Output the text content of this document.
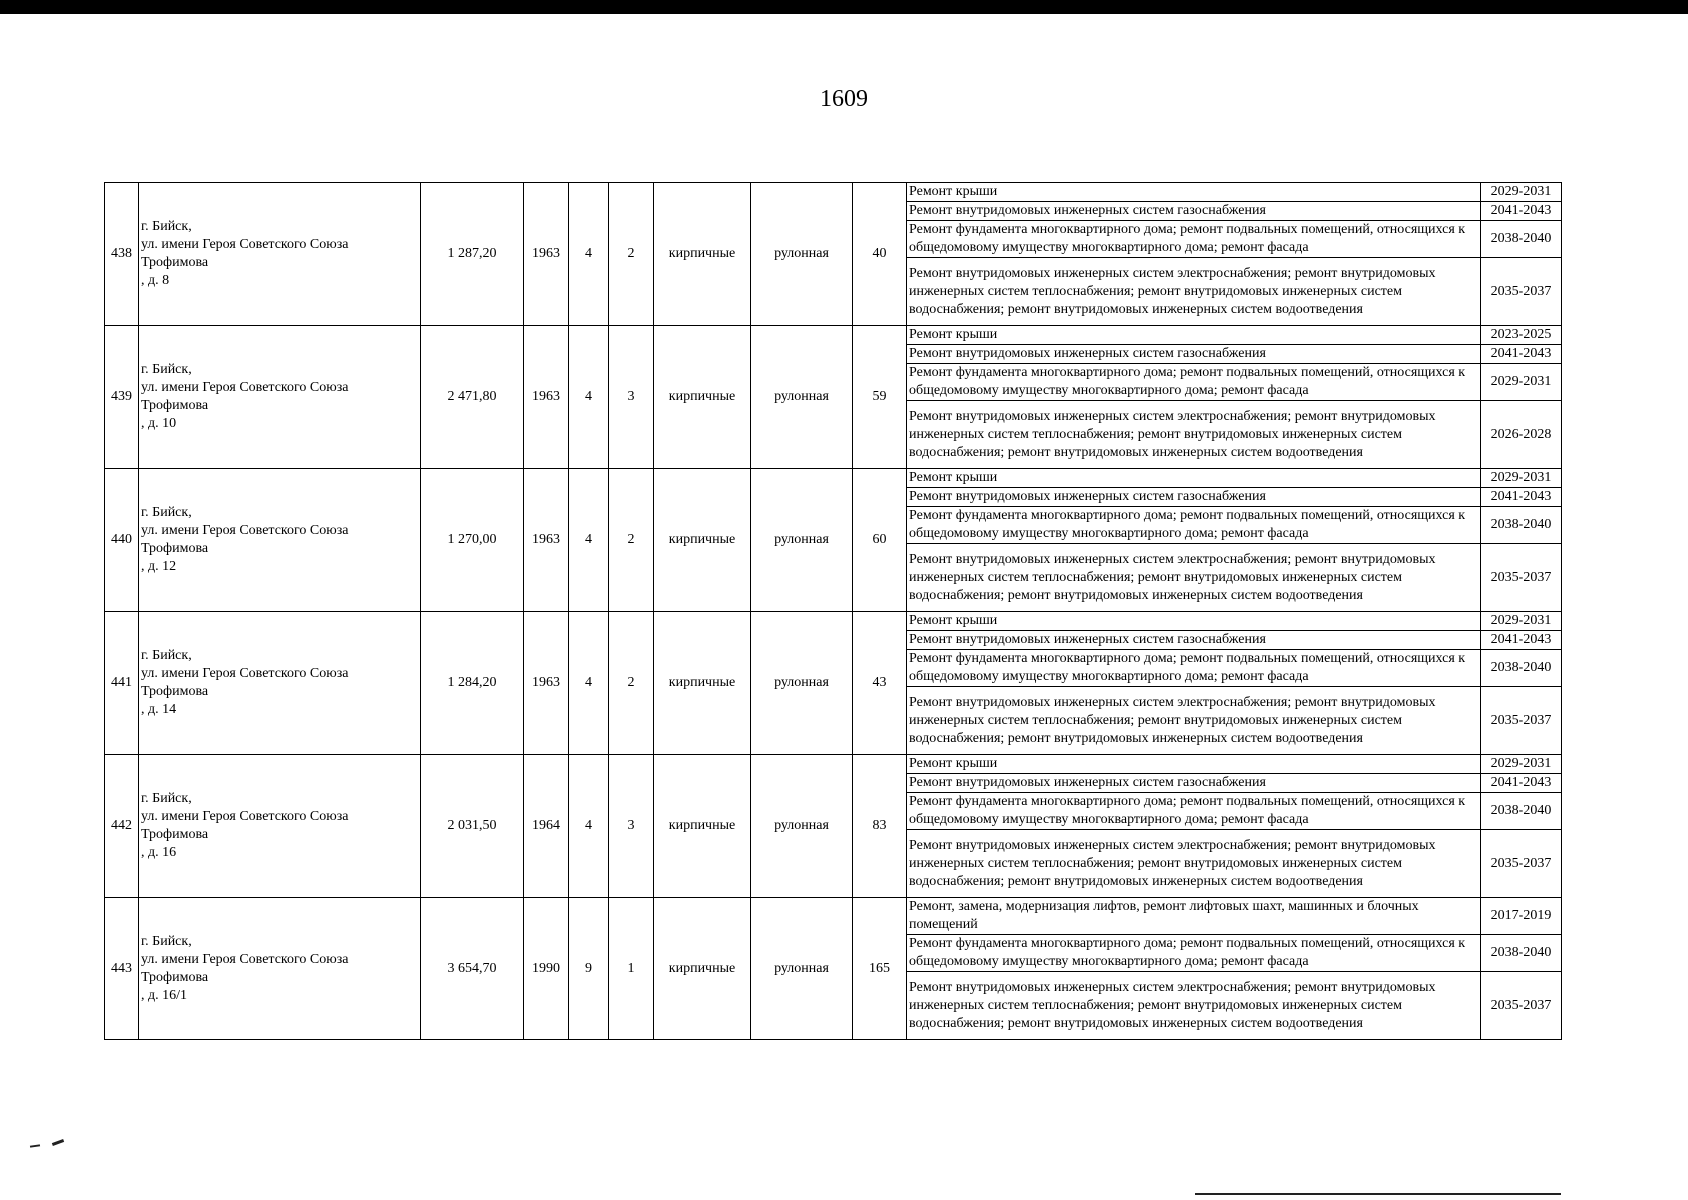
1609
438	г. Бийск,
ул. имени Героя Советского Союза Трофимова
, д. 8	1 287,20	1963	4	2	кирпичные	рулонная	40	Ремонт крыши	2029-2031
									Ремонт внутридомовых инженерных систем газоснабжения	2041-2043
									Ремонт фундамента многоквартирного дома; ремонт подвальных помещений, относящихся к общедомовому имуществу многоквартирного дома; ремонт фасада	2038-2040
									Ремонт внутридомовых инженерных систем электроснабжения; ремонт внутридомовых инженерных систем теплоснабжения; ремонт внутридомовых инженерных систем водоснабжения; ремонт внутридомовых инженерных систем водоотведения	2035-2037
439	г. Бийск,
ул. имени Героя Советского Союза Трофимова
, д. 10	2 471,80	1963	4	3	кирпичные	рулонная	59	Ремонт крыши	2023-2025
									Ремонт внутридомовых инженерных систем газоснабжения	2041-2043
									Ремонт фундамента многоквартирного дома; ремонт подвальных помещений, относящихся к общедомовому имуществу многоквартирного дома; ремонт фасада	2029-2031
									Ремонт внутридомовых инженерных систем электроснабжения; ремонт внутридомовых инженерных систем теплоснабжения; ремонт внутридомовых инженерных систем водоснабжения; ремонт внутридомовых инженерных систем водоотведения	2026-2028
440	г. Бийск,
ул. имени Героя Советского Союза Трофимова
, д. 12	1 270,00	1963	4	2	кирпичные	рулонная	60	Ремонт крыши	2029-2031
									Ремонт внутридомовых инженерных систем газоснабжения	2041-2043
									Ремонт фундамента многоквартирного дома; ремонт подвальных помещений, относящихся к общедомовому имуществу многоквартирного дома; ремонт фасада	2038-2040
									Ремонт внутридомовых инженерных систем электроснабжения; ремонт внутридомовых инженерных систем теплоснабжения; ремонт внутридомовых инженерных систем водоснабжения; ремонт внутридомовых инженерных систем водоотведения	2035-2037
441	г. Бийск,
ул. имени Героя Советского Союза Трофимова
, д. 14	1 284,20	1963	4	2	кирпичные	рулонная	43	Ремонт крыши	2029-2031
									Ремонт внутридомовых инженерных систем газоснабжения	2041-2043
									Ремонт фундамента многоквартирного дома; ремонт подвальных помещений, относящихся к общедомовому имуществу многоквартирного дома; ремонт фасада	2038-2040
									Ремонт внутридомовых инженерных систем электроснабжения; ремонт внутридомовых инженерных систем теплоснабжения; ремонт внутридомовых инженерных систем водоснабжения; ремонт внутридомовых инженерных систем водоотведения	2035-2037
442	г. Бийск,
ул. имени Героя Советского Союза Трофимова
, д. 16	2 031,50	1964	4	3	кирпичные	рулонная	83	Ремонт крыши	2029-2031
									Ремонт внутридомовых инженерных систем газоснабжения	2041-2043
									Ремонт фундамента многоквартирного дома; ремонт подвальных помещений, относящихся к общедомовому имуществу многоквартирного дома; ремонт фасада	2038-2040
									Ремонт внутридомовых инженерных систем электроснабжения; ремонт внутридомовых инженерных систем теплоснабжения; ремонт внутридомовых инженерных систем водоснабжения; ремонт внутридомовых инженерных систем водоотведения	2035-2037
443	г. Бийск,
ул. имени Героя Советского Союза Трофимова
, д. 16/1	3 654,70	1990	9	1	кирпичные	рулонная	165	Ремонт, замена, модернизация лифтов, ремонт лифтовых шахт, машинных и блочных помещений	2017-2019
									Ремонт фундамента многоквартирного дома; ремонт подвальных помещений, относящихся к общедомовому имуществу многоквартирного дома; ремонт фасада	2038-2040
									Ремонт внутридомовых инженерных систем электроснабжения; ремонт внутридомовых инженерных систем теплоснабжения; ремонт внутридомовых инженерных систем водоснабжения; ремонт внутридомовых инженерных систем водоотведения	2035-2037
